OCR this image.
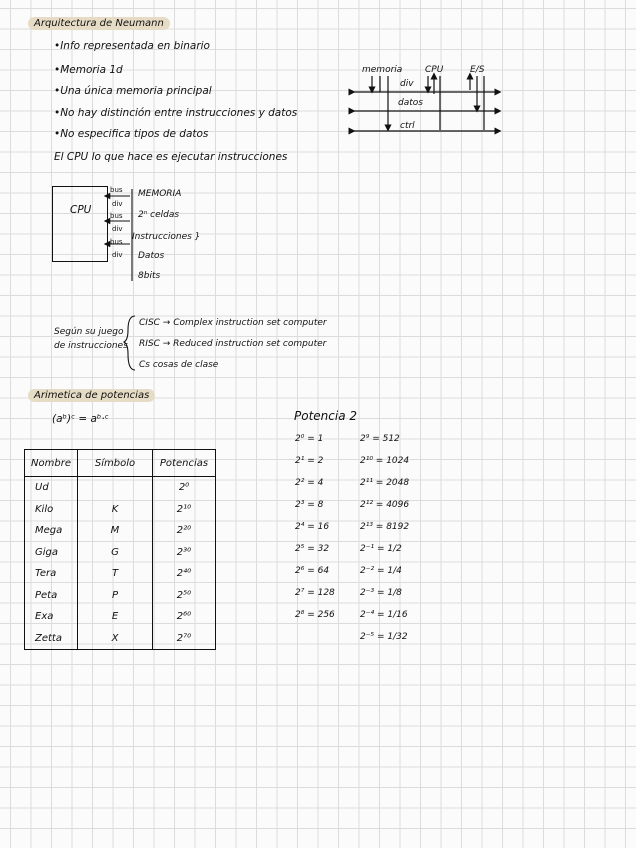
Arquitectura de Neumann
•Info representada en binario
•Memoria 1d
•Una única memoria principal
•No hay distinción entre instrucciones y datos
•No especifica tipos de datos
El CPU lo que hace es ejecutar instrucciones
memoria	CPU	E/S
div
datos
ctrl
CPU
bus
div
bus
div
bus
div
MEMORIA
2ⁿ celdas
Instrucciones }
Datos
8bits
Según su juego
de instrucciones
CISC → Complex instruction set computer
RISC → Reduced instruction set computer
Cs cosas de clase
Arimetica de potencias
(aᵇ)ᶜ = aᵇ·ᶜ
Nombre	Símbolo	Potencias
Ud		2⁰
Kilo	K	2¹⁰
Mega	M	2²⁰
Giga	G	2³⁰
Tera	T	2⁴⁰
Peta	P	2⁵⁰
Exa	E	2⁶⁰
Zetta	X	2⁷⁰
Potencia 2
2⁰ = 1
2¹ = 2
2² = 4
2³ = 8
2⁴ = 16
2⁵ = 32
2⁶ = 64
2⁷ = 128
2⁸ = 256
2⁹ = 512
2¹⁰ = 1024
2¹¹ = 2048
2¹² = 4096
2¹³ = 8192
2⁻¹ = 1/2
2⁻² = 1/4
2⁻³ = 1/8
2⁻⁴ = 1/16
2⁻⁵ = 1/32
